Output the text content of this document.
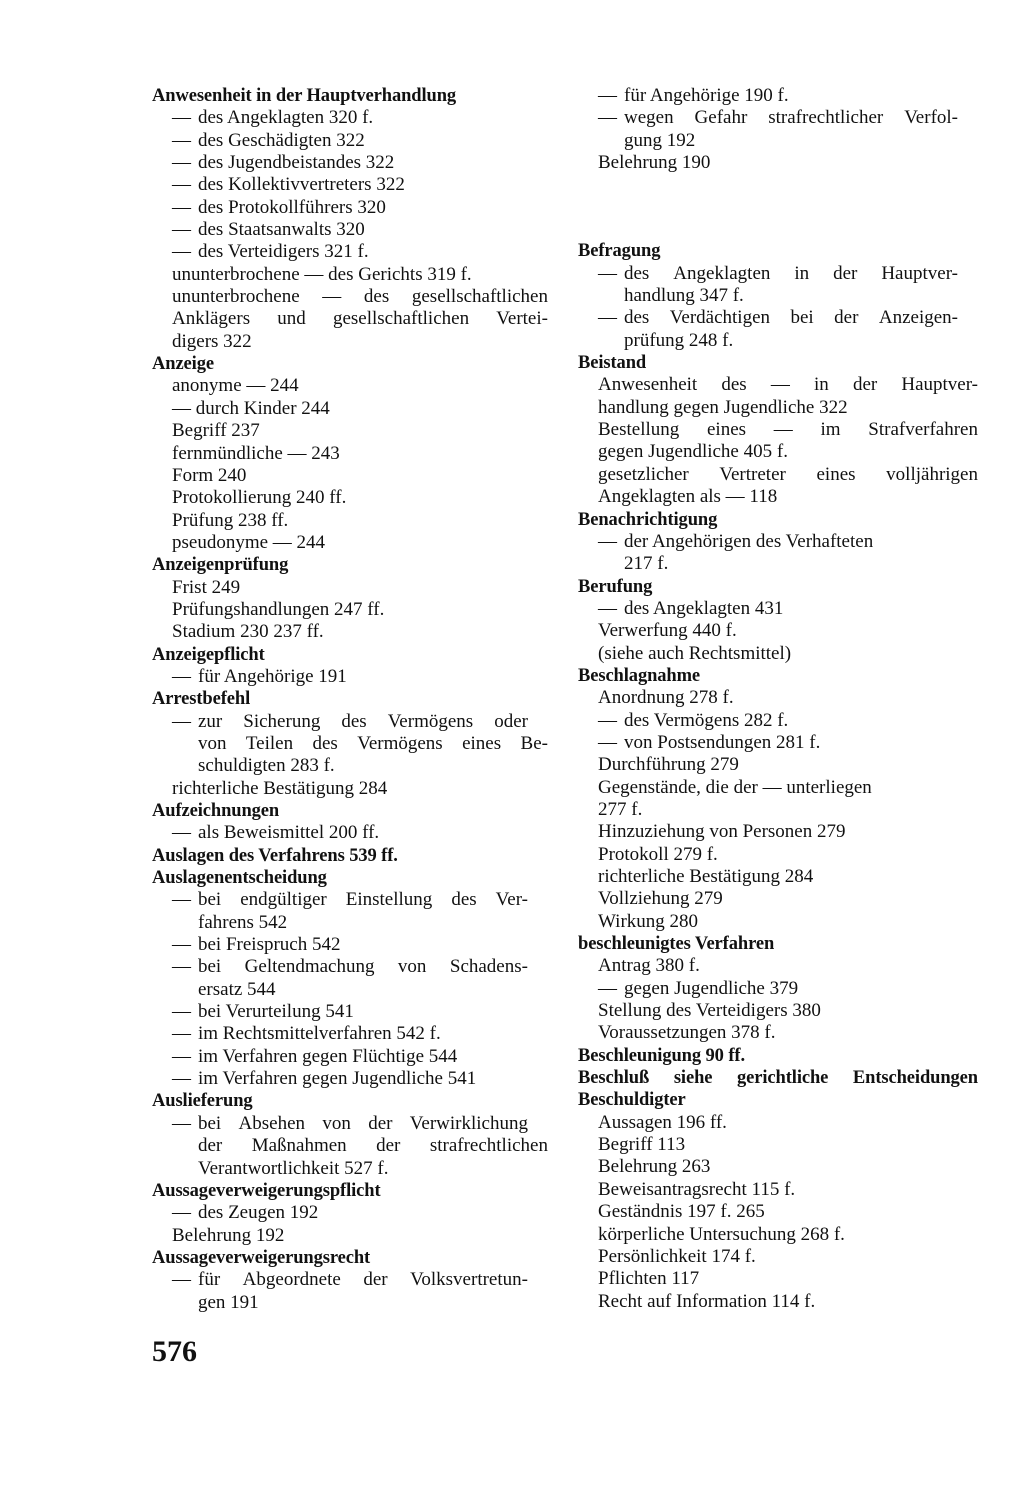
Anwesenheit in der Hauptverhandlung
— des Angeklagten 320 f.
— des Geschädigten 322
— des Jugendbeistandes 322
— des Kollektivvertreters 322
— des Protokollführers 320
— des Staatsanwalts 320
— des Verteidigers 321 f.
ununterbrochene — des Gerichts 319 f.
ununterbrochene — des gesellschaftlichen
Anklägers und gesellschaftlichen Vertei-
digers 322
Anzeige
anonyme — 244
— durch Kinder 244
Begriff 237
fernmündliche — 243
Form 240
Protokollierung 240 ff.
Prüfung 238 ff.
pseudonyme — 244
Anzeigenprüfung
Frist 249
Prüfungshandlungen 247 ff.
Stadium 230 237 ff.
Anzeigepflicht
— für Angehörige 191
Arrestbefehl
— zur Sicherung des Vermögens oder
von Teilen des Vermögens eines Be-
schuldigten 283 f.
richterliche Bestätigung 284
Aufzeichnungen
— als Beweismittel 200 ff.
Auslagen des Verfahrens 539 ff.
Auslagenentscheidung
— bei endgültiger Einstellung des Ver-
fahrens 542
— bei Freispruch 542
— bei Geltendmachung von Schadens-
ersatz 544
— bei Verurteilung 541
— im Rechtsmittelverfahren 542 f.
— im Verfahren gegen Flüchtige 544
— im Verfahren gegen Jugendliche 541
Auslieferung
— bei Absehen von der Verwirklichung
der Maßnahmen der strafrechtlichen
Verantwortlichkeit 527 f.
Aussageverweigerungspflicht
— des Zeugen 192
Belehrung 192
Aussageverweigerungsrecht
— für Abgeordnete der Volksvertretun-
gen 191
— für Angehörige 190 f.
— wegen Gefahr strafrechtlicher Verfol-
gung 192
Belehrung 190
Befragung
— des Angeklagten in der Hauptver-
handlung 347 f.
— des Verdächtigen bei der Anzeigen-
prüfung 248 f.
Beistand
Anwesenheit des — in der Hauptver-
handlung gegen Jugendliche 322
Bestellung eines — im Strafverfahren
gegen Jugendliche 405 f.
gesetzlicher Vertreter eines volljährigen
Angeklagten als — 118
Benachrichtigung
— der Angehörigen des Verhafteten
217 f.
Berufung
— des Angeklagten 431
Verwerfung 440 f.
(siehe auch Rechtsmittel)
Beschlagnahme
Anordnung 278 f.
— des Vermögens 282 f.
— von Postsendungen 281 f.
Durchführung 279
Gegenstände, die der — unterliegen
277 f.
Hinzuziehung von Personen 279
Protokoll 279 f.
richterliche Bestätigung 284
Vollziehung 279
Wirkung 280
beschleunigtes Verfahren
Antrag 380 f.
— gegen Jugendliche 379
Stellung des Verteidigers 380
Voraussetzungen 378 f.
Beschleunigung 90 ff.
Beschluß siehe gerichtliche Entscheidungen
Beschuldigter
Aussagen 196 ff.
Begriff 113
Belehrung 263
Beweisantragsrecht 115 f.
Geständnis 197 f. 265
körperliche Untersuchung 268 f.
Persönlichkeit 174 f.
Pflichten 117
Recht auf Information 114 f.
576
